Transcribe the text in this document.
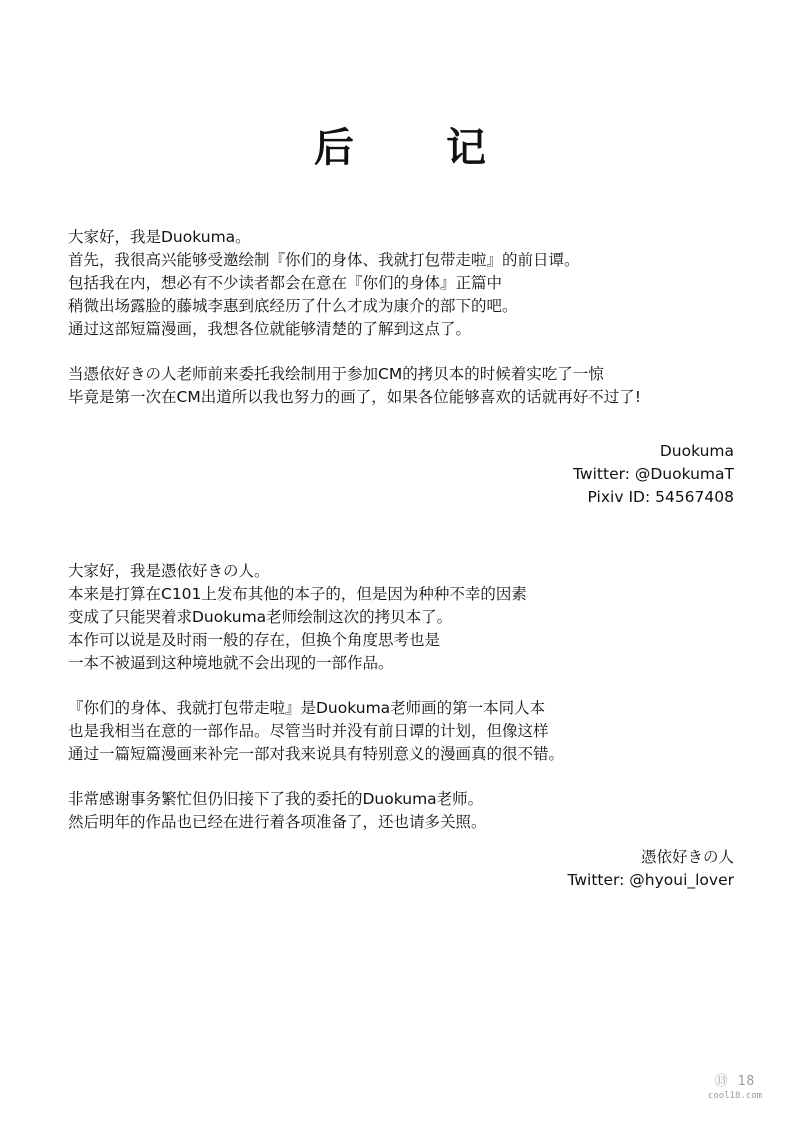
后　记
大家好，我是Duokuma。
首先，我很高兴能够受邀绘制『你们的身体、我就打包带走啦』的前日谭。
包括我在内，想必有不少读者都会在意在『你们的身体』正篇中
稍微出场露脸的藤城李惠到底经历了什么才成为康介的部下的吧。
通过这部短篇漫画，我想各位就能够清楚的了解到这点了。
当憑依好きの人老师前来委托我绘制用于参加CM的拷贝本的时候着实吃了一惊
毕竟是第一次在CM出道所以我也努力的画了，如果各位能够喜欢的话就再好不过了!
Duokuma
Twitter: @DuokumaT
Pixiv ID: 54567408
大家好，我是憑依好きの人。
本来是打算在C101上发布其他的本子的，但是因为种种不幸的因素
变成了只能哭着求Duokuma老师绘制这次的拷贝本了。
本作可以说是及时雨一般的存在，但换个角度思考也是
一本不被逼到这种境地就不会出现的一部作品。
『你们的身体、我就打包带走啦』是Duokuma老师画的第一本同人本
也是我相当在意的一部作品。尽管当时并没有前日谭的计划，但像这样
通过一篇短篇漫画来补完一部对我来说具有特别意义的漫画真的很不错。
非常感谢事务繁忙但仍旧接下了我的委托的Duokuma老师。
然后明年的作品也已经在进行着各项准备了，还也请多关照。
憑依好きの人
Twitter: @hyoui_lover
⑬ 18
cool18.com
